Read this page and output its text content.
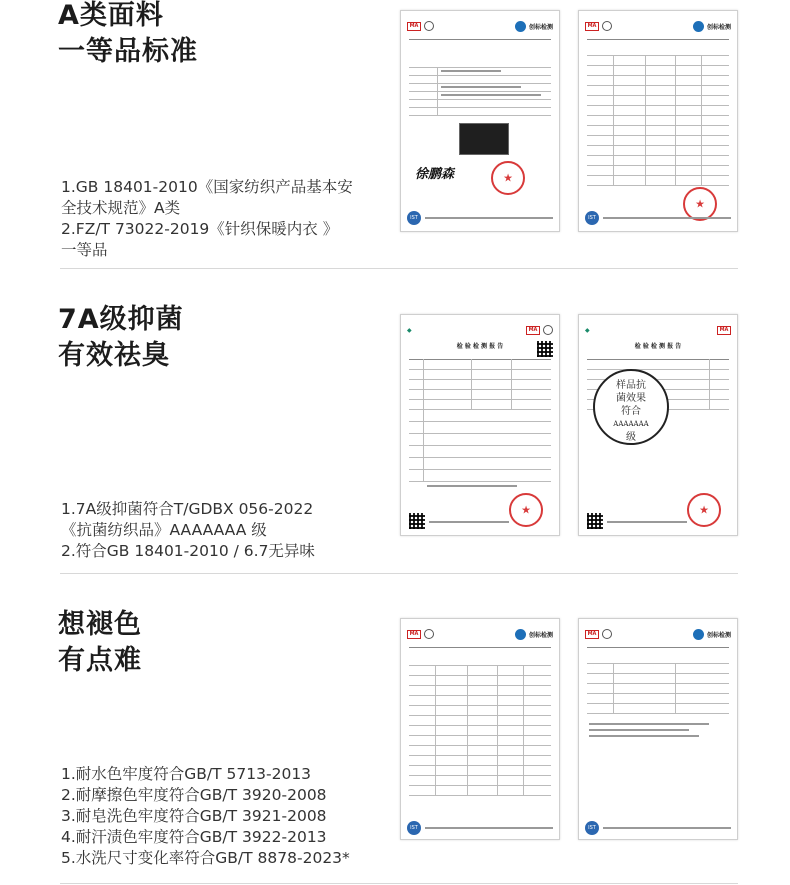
A类面料
一等品标准
1.GB 18401-2010《国家纺织产品基本安
全技术规范》A类
2.FZ/T 73022-2019《针织保暖内衣 》
一等品
MA	创标检测
徐鹏森	★
IST
MA	创标检测
★
IST
7A级抑菌
有效祛臭
1.7A级抑菌符合T/GDBX 056-2022
《抗菌纺织品》AAAAAAA 级
2.符合GB 18401-2010 / 6.7无异味
◆	MA
检 验 检 测 报 告
★
◆	MA
检 验 检 测 报 告
样品抗
菌效果
符合
AAAAAAA
级
★
想褪色
有点难
1.耐水色牢度符合GB/T 5713-2013
2.耐摩擦色牢度符合GB/T 3920-2008
3.耐皂洗色牢度符合GB/T 3921-2008
4.耐汗渍色牢度符合GB/T 3922-2013
5.水洗尺寸变化率符合GB/T 8878-2023*
MA	创标检测
IST
MA	创标检测
IST
